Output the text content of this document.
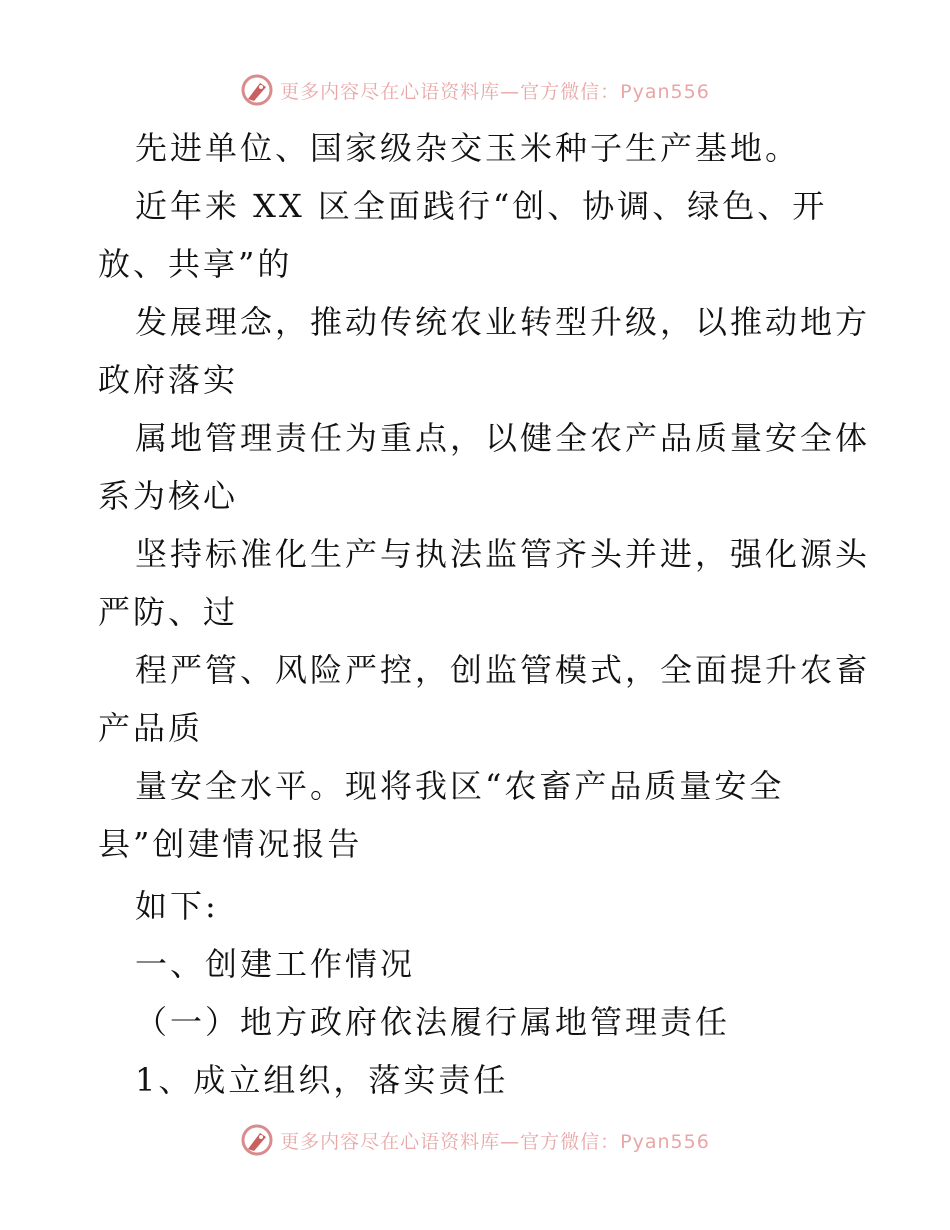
更多内容尽在心语资料库—官方微信：Pyan556
先进单位、国家级杂交玉米种子生产基地。
近年来 XX 区全面践行“创、协调、绿色、开
放、共享”的
发展理念，推动传统农业转型升级，以推动地方
政府落实
属地管理责任为重点，以健全农产品质量安全体
系为核心
坚持标准化生产与执法监管齐头并进，强化源头
严防、过
程严管、风险严控，创监管模式，全面提升农畜
产品质
量安全水平。现将我区“农畜产品质量安全
县”创建情况报告
如下:
一、创建工作情况
（一）地方政府依法履行属地管理责任
1、成立组织，落实责任
更多内容尽在心语资料库—官方微信：Pyan556
